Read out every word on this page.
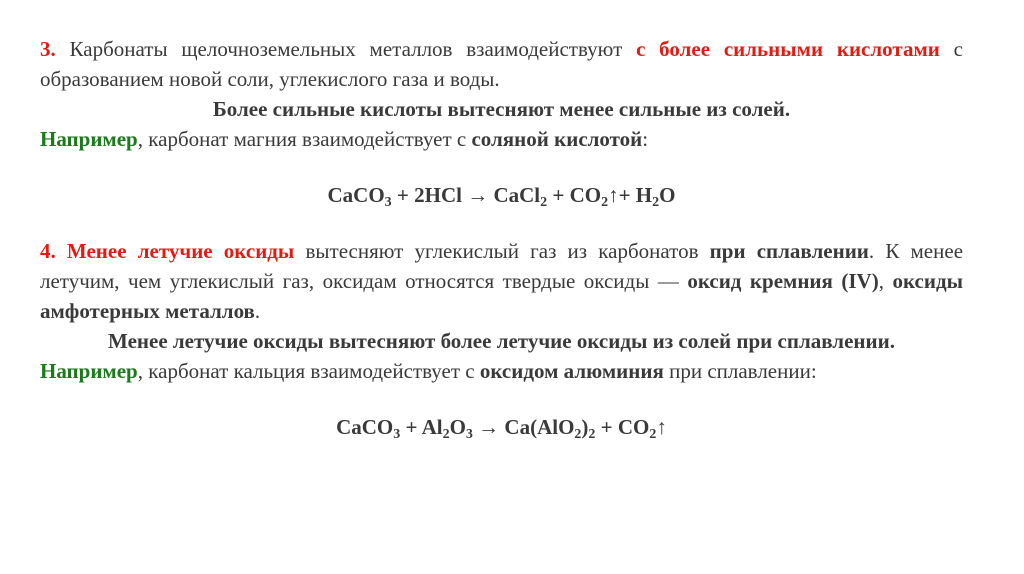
3. Карбонаты щелочноземельных металлов взаимодействуют с более сильными кислотами с образованием новой соли, углекислого газа и воды.

Более сильные кислоты вытесняют менее сильные из солей.

Например, карбонат магния взаимодействует с соляной кислотой:

CaCO$_3$ + 2HCl → CaCl$_2$ + $CO_2↑+ H_2O$

4. Менее летучие оксиды вытесняют углекислый газ из карбонатов при сплавлении. К менее летучим, чем углекислый газ, оксидам относятся твердые оксиды — оксид кремния (IV), оксиды амфотерных металлов.

Менее летучие оксиды вытесняют более летучие оксиды из солей при сплавлении.

Например, карбонат кальция взаимодействует с оксидом алюминия при сплавлении:

CaCO$_3$ + $Al_2O_3 \to Ca(AlO_2)_2$ + $CO_2↑$
